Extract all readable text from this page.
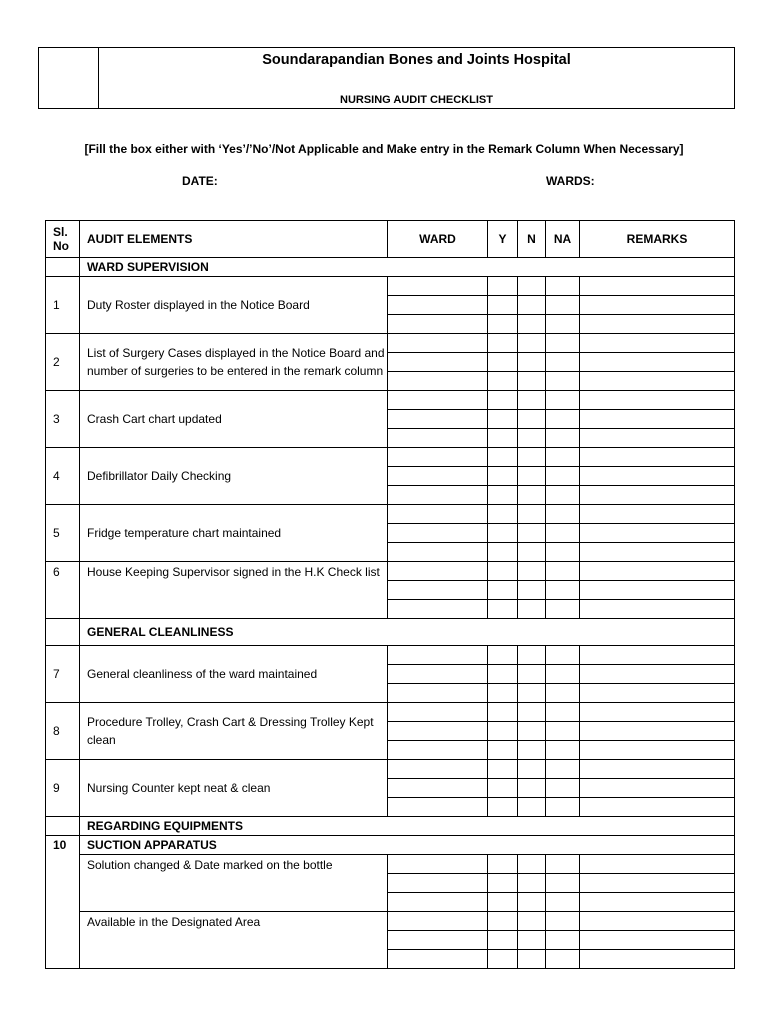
Soundarapandian Bones and Joints Hospital
NURSING AUDIT CHECKLIST
[Fill the box either with ‘Yes’/’No’/Not Applicable and Make entry in the Remark Column When Necessary]
DATE:	WARDS:
Sl. No	AUDIT ELEMENTS	WARD	Y	N	NA	REMARKS
	WARD SUPERVISION					
1	Duty Roster displayed in the Notice Board					

2	List of Surgery Cases displayed in the Notice Board and number of surgeries to be entered in the remark column					

3	Crash Cart chart updated					

4	Defibrillator Daily Checking					

5	Fridge temperature chart maintained					

6	House Keeping Supervisor signed in the H.K Check list					

	GENERAL CLEANLINESS					
7	General cleanliness of the ward maintained					

8	Procedure Trolley, Crash Cart & Dressing Trolley Kept clean					

9	Nursing Counter kept neat & clean					

	REGARDING EQUIPMENTS					
10	SUCTION APPARATUS					
	Solution changed & Date marked on the bottle					

	Available in the Designated Area					
